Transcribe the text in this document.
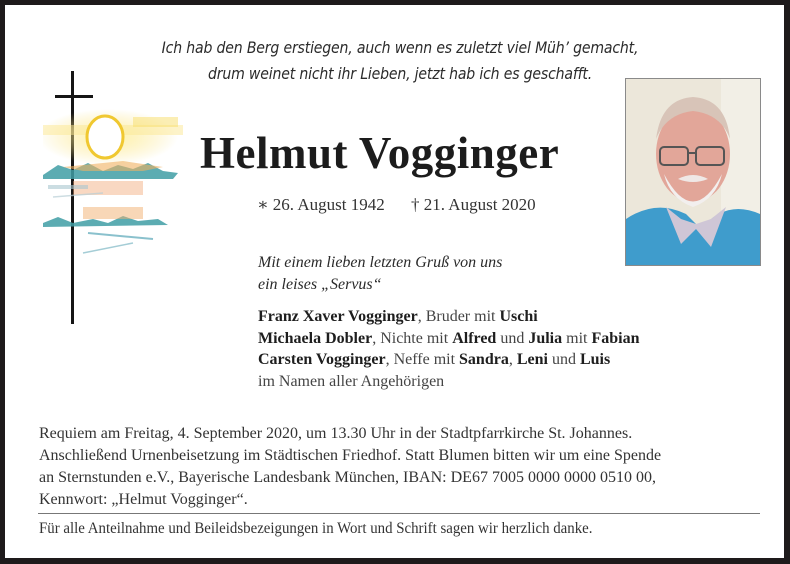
Ich hab den Berg erstiegen, auch wenn es zuletzt viel Müh’ gemacht,
drum weinet nicht ihr Lieben, jetzt hab ich es geschafft.
Helmut Vogginger
∗ 26. August 1942 † 21. August 2020
Mit einem lieben letzten Gruß von uns
ein leises „Servus“
Franz Xaver Vogginger, Bruder mit Uschi
Michaela Dobler, Nichte mit Alfred und Julia mit Fabian
Carsten Vogginger, Neffe mit Sandra, Leni und Luis
im Namen aller Angehörigen
Requiem am Freitag, 4. September 2020, um 13.30 Uhr in der Stadtpfarrkirche St. Johannes.
Anschließend Urnenbeisetzung im Städtischen Friedhof. Statt Blumen bitten wir um eine Spende
an Sternstunden e.V., Bayerische Landesbank München, IBAN: DE67 7005 0000 0000 0510 00,
Kennwort: „Helmut Vogginger“.
Für alle Anteilnahme und Beileidsbezeigungen in Wort und Schrift sagen wir herzlich danke.
